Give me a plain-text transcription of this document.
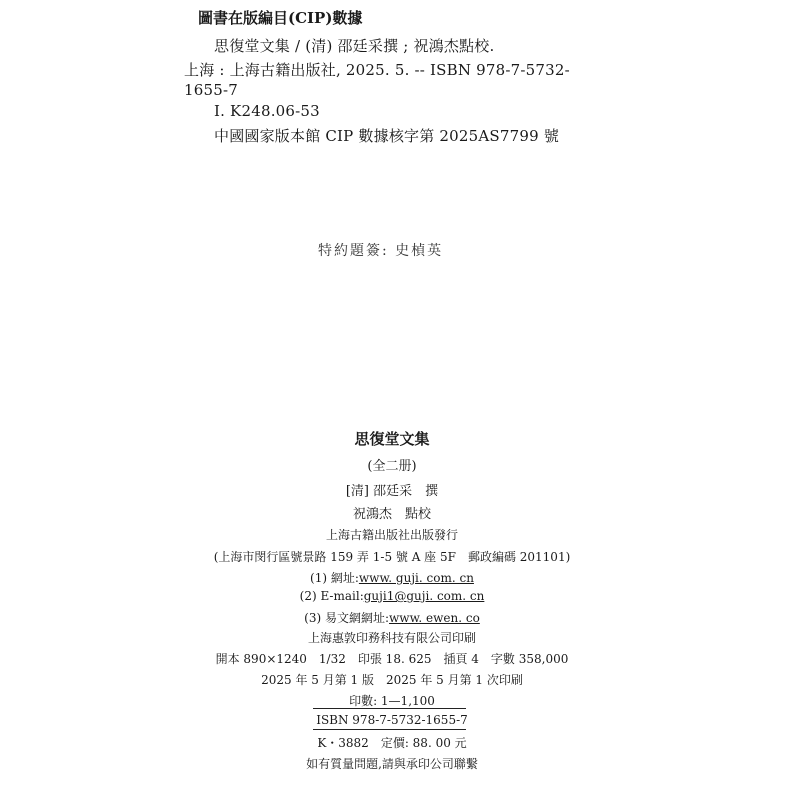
圖書在版編目(CIP)數據
思復堂文集 / (清) 邵廷采撰 ; 祝鴻杰點校.
上海 : 上海古籍出版社, 2025. 5. -- ISBN 978-7-5732-
1655-7
Ⅰ. K248.06-53
中國國家版本館 CIP 數據核字第 2025AS7799 號
特約題簽: 史楨英
思復堂文集
(全二册)
[清] 邵廷采　撰
祝鴻杰　點校
上海古籍出版社出版發行
(上海市閔行區號景路 159 弄 1-5 號 A 座 5F　郵政編碼 201101)
(1) 網址:www. guji. com. cn
(2) E-mail:guji1@guji. com. cn
(3) 易文網網址:www. ewen. co
上海惠敦印務科技有限公司印刷
開本 890×1240　1/32　印張 18. 625　插頁 4　字數 358,000
2025 年 5 月第 1 版　2025 年 5 月第 1 次印刷
印數: 1—1,100
ISBN 978-7-5732-1655-7
K・3882　定價: 88. 00 元
如有質量問題,請與承印公司聯繫
